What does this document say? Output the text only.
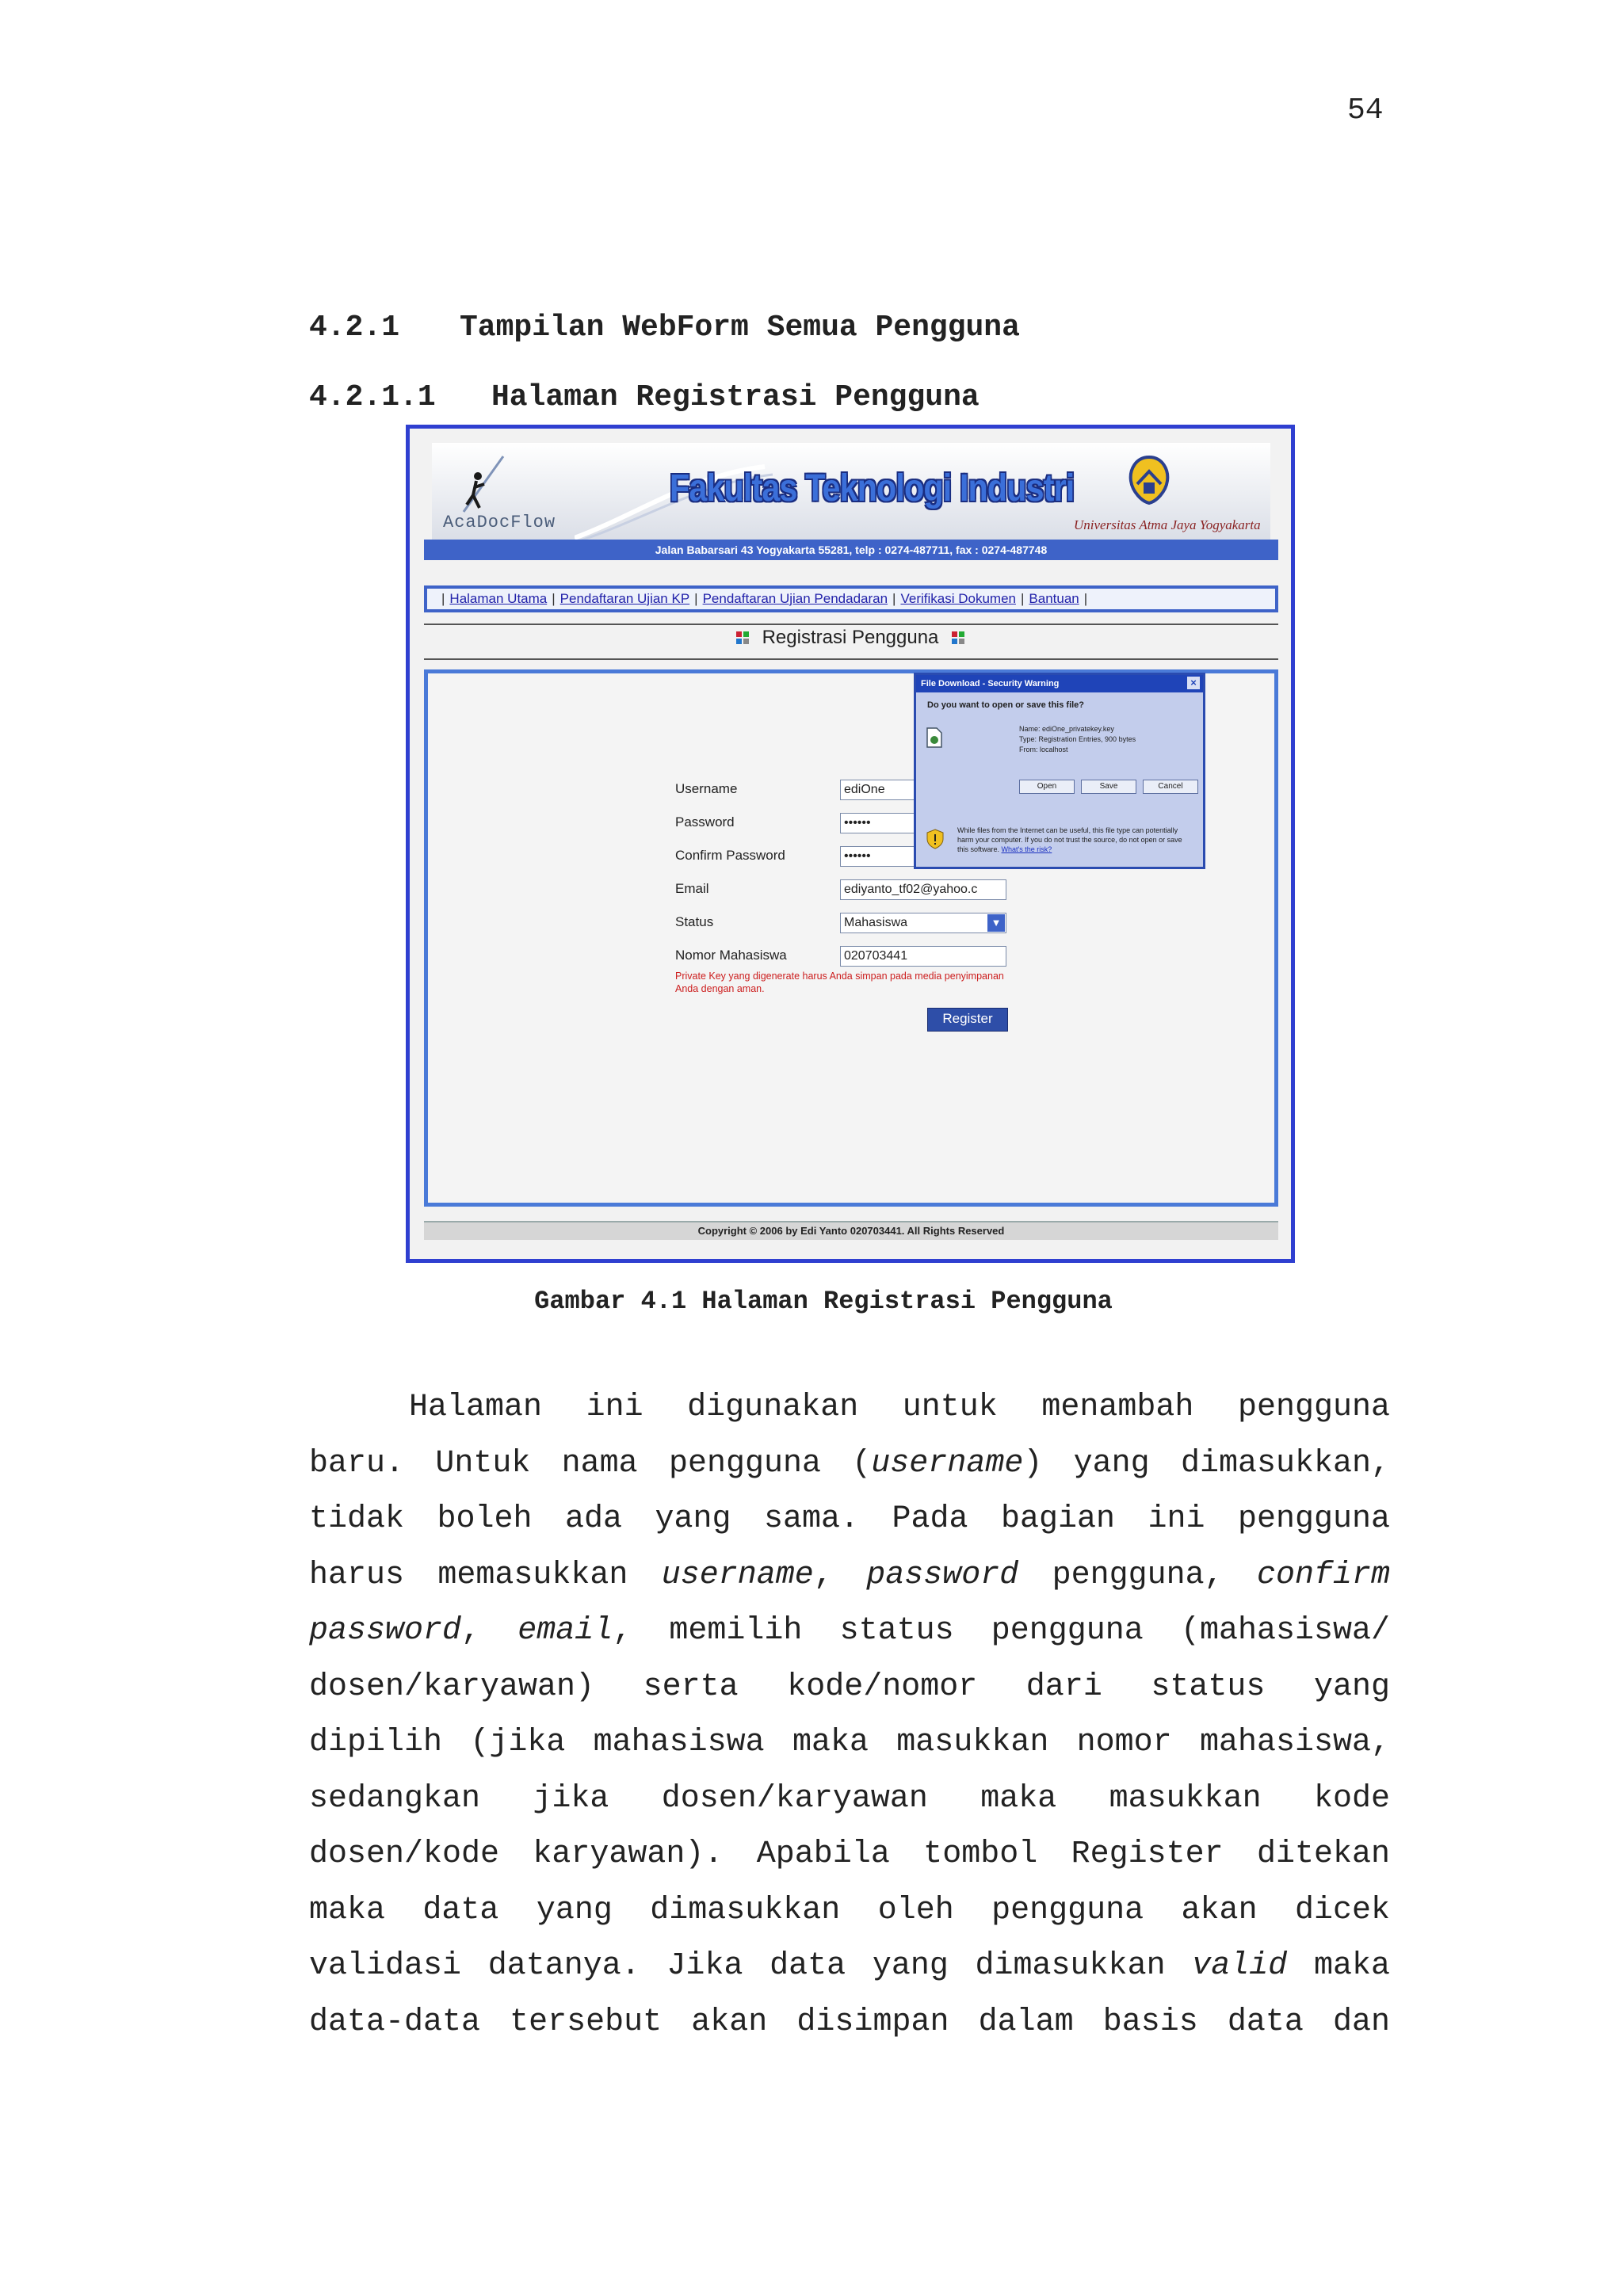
54
4.2.1 Tampilan WebForm Semua Pengguna
4.2.1.1 Halaman Registrasi Pengguna
AcaDocFlow
Fakultas Teknologi Industri
Universitas Atma Jaya Yogyakarta
Jalan Babarsari 43 Yogyakarta 55281, telp : 0274-487711, fax : 0274-487748
| Halaman Utama | Pendaftaran Ujian KP | Pendaftaran Ujian Pendadaran | Verifikasi Dokumen | Bantuan |
Registrasi Pengguna
Username	ediOne
Password	••••••
Confirm Password	••••••
Email	ediyanto_tf02@yahoo.c
Status	Mahasiswa	▼
Nomor Mahasiswa	020703441
Private Key yang digenerate harus Anda simpan pada media penyimpanan Anda dengan aman.
Register
File Download - Security Warning	×
Do you want to open or save this file?
Name: ediOne_privatekey.key
Type: Registration Entries, 900 bytes
From: localhost
Open	Save	Cancel
While files from the Internet can be useful, this file type can potentially harm your computer. If you do not trust the source, do not open or save this software. What's the risk?
Copyright © 2006 by Edi Yanto 020703441. All Rights Reserved
Gambar 4.1 Halaman Registrasi Pengguna
Halaman ini digunakan untuk menambah pengguna
baru. Untuk nama pengguna (username) yang dimasukkan,
tidak boleh ada yang sama. Pada bagian ini pengguna
harus memasukkan username, password pengguna, confirm
password, email, memilih status pengguna (mahasiswa/
dosen/karyawan) serta kode/nomor dari status yang
dipilih (jika mahasiswa maka masukkan nomor mahasiswa,
sedangkan jika dosen/karyawan maka masukkan kode
dosen/kode karyawan). Apabila tombol Register ditekan
maka data yang dimasukkan oleh pengguna akan dicek
validasi datanya. Jika data yang dimasukkan valid maka
data-data tersebut akan disimpan dalam basis data dan
